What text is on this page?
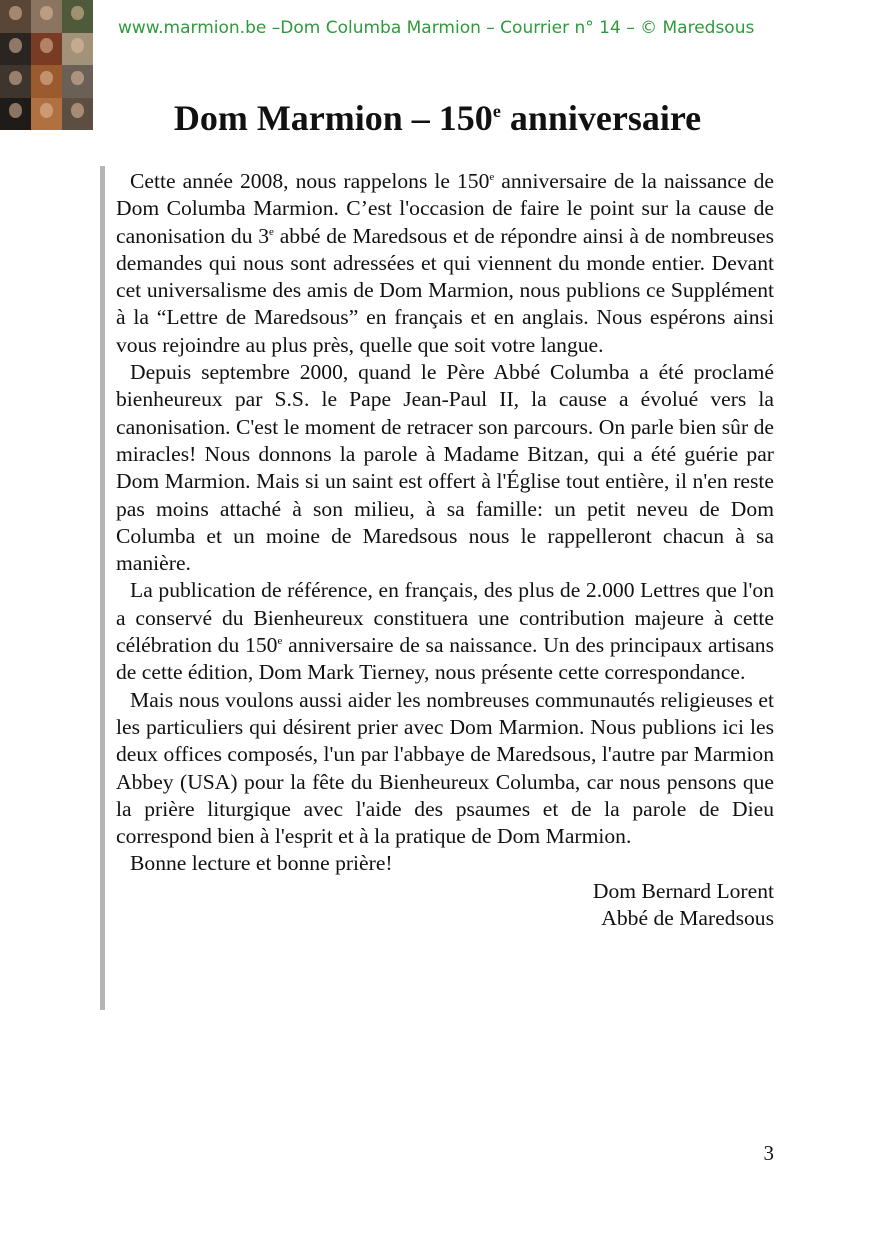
www.marmion.be –Dom Columba Marmion – Courrier n° 14 – © Maredsous
Dom Marmion – 150e anniversaire

Cette année 2008, nous rappelons le 150e anniversaire de la naissance de Dom Columba Marmion. C’est l'occasion de faire le point sur la cause de canonisation du 3e abbé de Maredsous et de répondre ainsi à de nombreuses demandes qui nous sont adressées et qui viennent du monde entier. Devant cet universalisme des amis de Dom Marmion, nous publions ce Supplément à la “Lettre de Maredsous” en français et en anglais. Nous espérons ainsi vous rejoindre au plus près, quelle que soit votre langue.

Depuis septembre 2000, quand le Père Abbé Columba a été proclamé bienheureux par S.S. le Pape Jean-Paul II, la cause a évolué vers la canonisation. C'est le moment de retracer son parcours. On parle bien sûr de miracles! Nous donnons la parole à Madame Bitzan, qui a été guérie par Dom Marmion. Mais si un saint est offert à l'Église tout entière, il n'en reste pas moins attaché à son milieu, à sa famille: un petit neveu de Dom Columba et un moine de Maredsous nous le rappelleront chacun à sa manière.

La publication de référence, en français, des plus de 2.000 Lettres que l'on a conservé du Bienheureux constituera une contribution majeure à cette célébration du 150e anniversaire de sa naissance. Un des principaux artisans de cette édition, Dom Mark Tierney, nous présente cette correspondance.

Mais nous voulons aussi aider les nombreuses communautés religieuses et les particuliers qui désirent prier avec Dom Marmion. Nous publions ici les deux offices composés, l'un par l'abbaye de Maredsous, l'autre par Marmion Abbey (USA) pour la fête du Bienheureux Columba, car nous pensons que la prière liturgique avec l'aide des psaumes et de la parole de Dieu correspond bien à l'esprit et à la pratique de Dom Marmion.

Bonne lecture et bonne prière!

Dom Bernard Lorent
Abbé de Maredsous
3
